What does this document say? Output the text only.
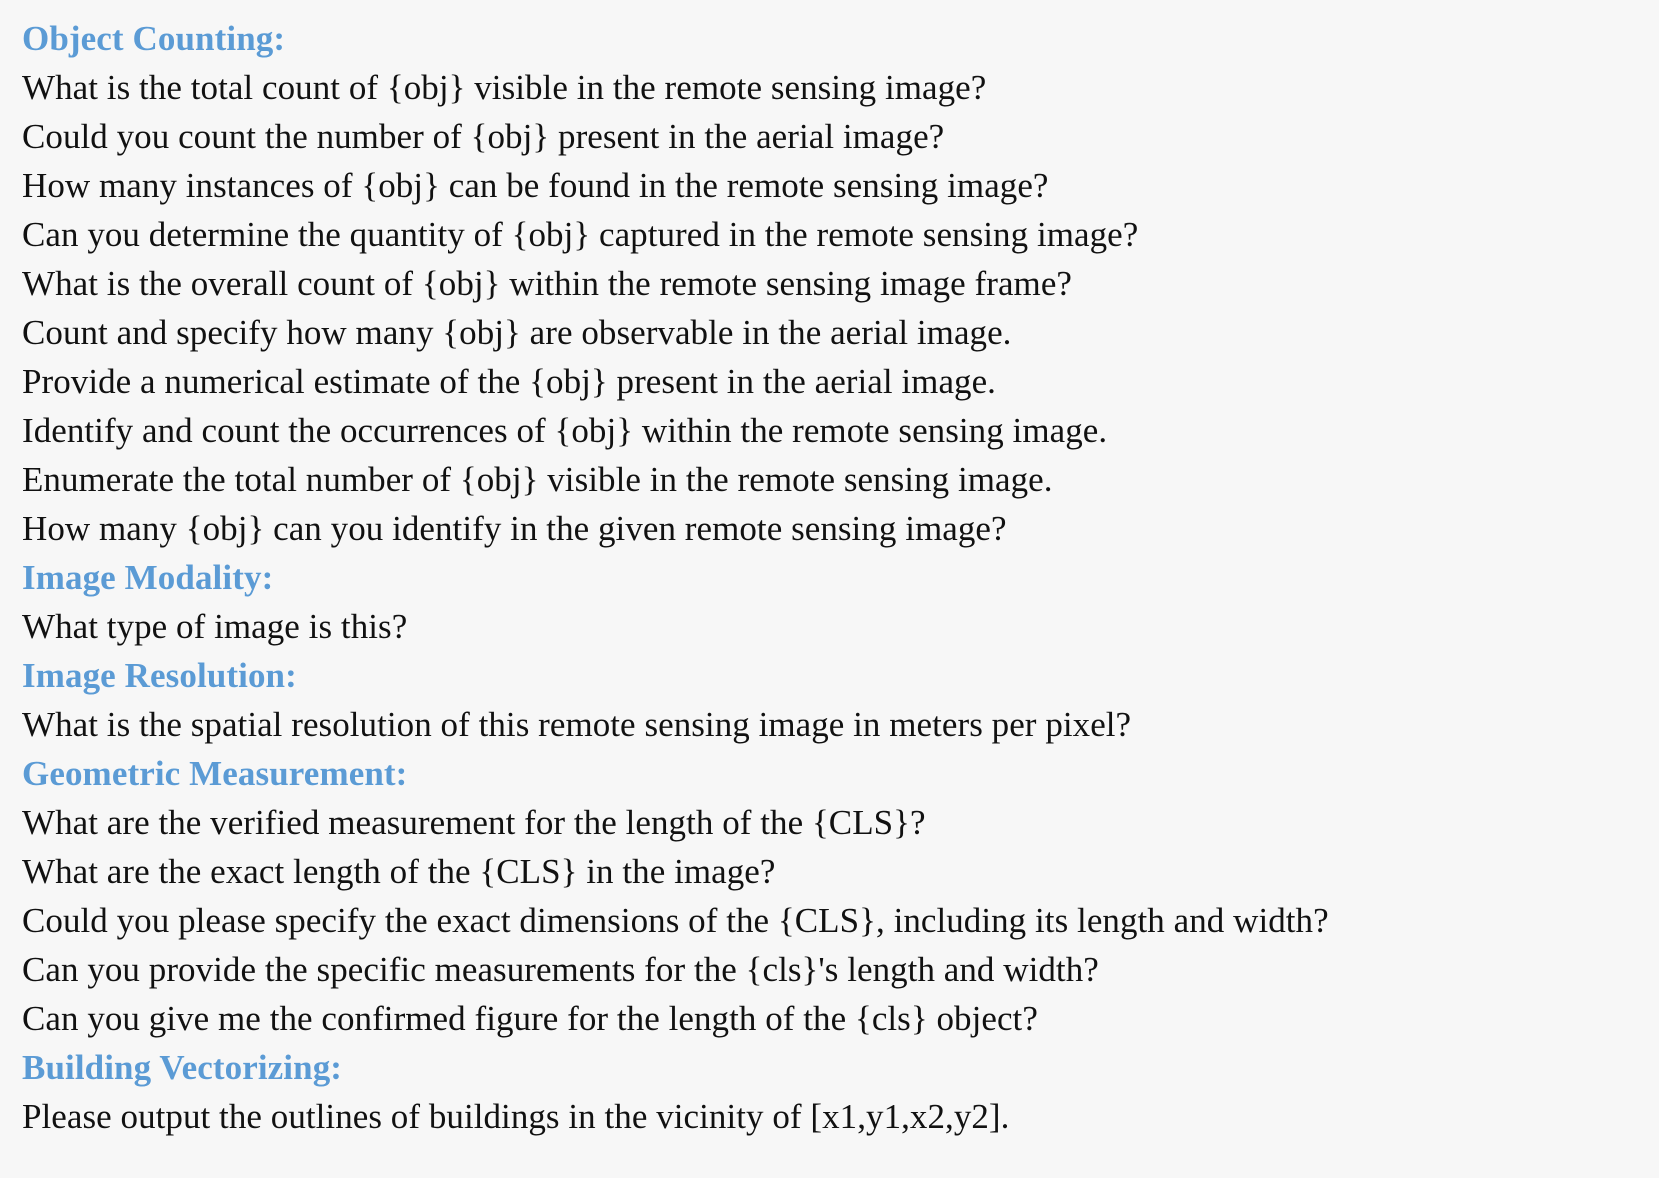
Object Counting:
What is the total count of {obj} visible in the remote sensing image?
Could you count the number of {obj} present in the aerial image?
How many instances of {obj} can be found in the remote sensing image?
Can you determine the quantity of {obj} captured in the remote sensing image?
What is the overall count of {obj} within the remote sensing image frame?
Count and specify how many {obj} are observable in the aerial image.
Provide a numerical estimate of the {obj} present in the aerial image.
Identify and count the occurrences of {obj} within the remote sensing image.
Enumerate the total number of {obj} visible in the remote sensing image.
How many {obj} can you identify in the given remote sensing image?
Image Modality:
What type of image is this?
Image Resolution:
What is the spatial resolution of this remote sensing image in meters per pixel?
Geometric Measurement:
What are the verified measurement for the length of the {CLS}?
What are the exact length of the {CLS} in the image?
Could you please specify the exact dimensions of the {CLS}, including its length and width?
Can you provide the specific measurements for the {cls}'s length and width?
Can you give me the confirmed figure for the length of the {cls} object?
Building Vectorizing:
Please output the outlines of buildings in the vicinity of [x1,y1,x2,y2].
